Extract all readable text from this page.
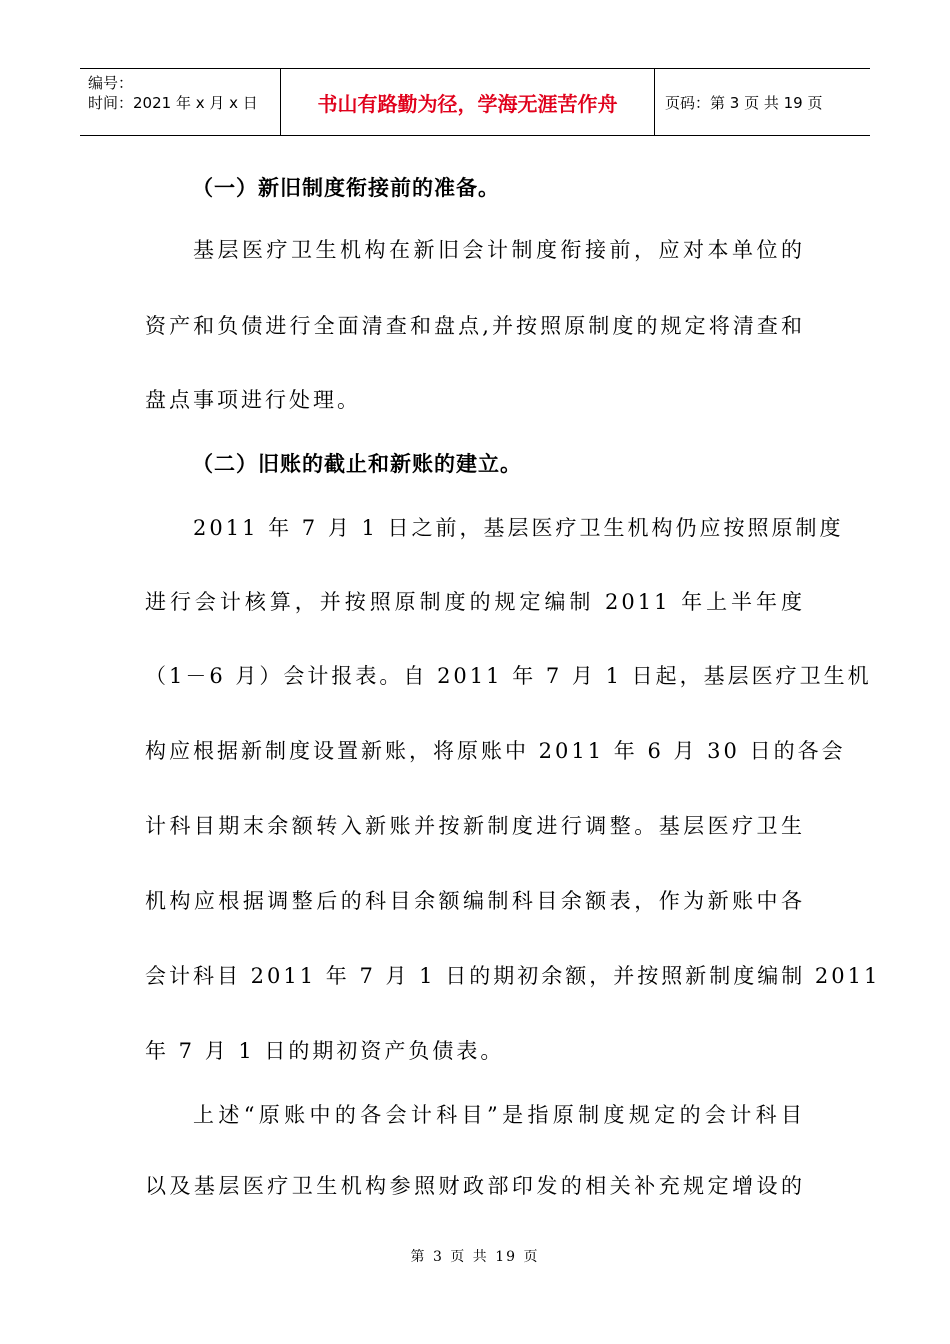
编号：
时间：2021 年 x 月 x 日	书山有路勤为径，学海无涯苦作舟	页码：第 3 页 共 19 页
（一）新旧制度衔接前的准备。
基层医疗卫生机构在新旧会计制度衔接前，应对本单位的
资产和负债进行全面清查和盘点,并按照原制度的规定将清查和
盘点事项进行处理。
2011 年 7 月 1 日之前，基层医疗卫生机构仍应按照原制度
进行会计核算，并按照原制度的规定编制 2011 年上半年度
（1－6 月）会计报表。自 2011 年 7 月 1 日起，基层医疗卫生机
构应根据新制度设置新账，将原账中 2011 年 6 月 30 日的各会
计科目期末余额转入新账并按新制度进行调整。基层医疗卫生
机构应根据调整后的科目余额编制科目余额表，作为新账中各
会计科目 2011 年 7 月 1 日的期初余额，并按照新制度编制 2011
年 7 月 1 日的期初资产负债表。
上述“原账中的各会计科目”是指原制度规定的会计科目
以及基层医疗卫生机构参照财政部印发的相关补充规定增设的
（二）旧账的截止和新账的建立。
第 3 页 共 19 页
